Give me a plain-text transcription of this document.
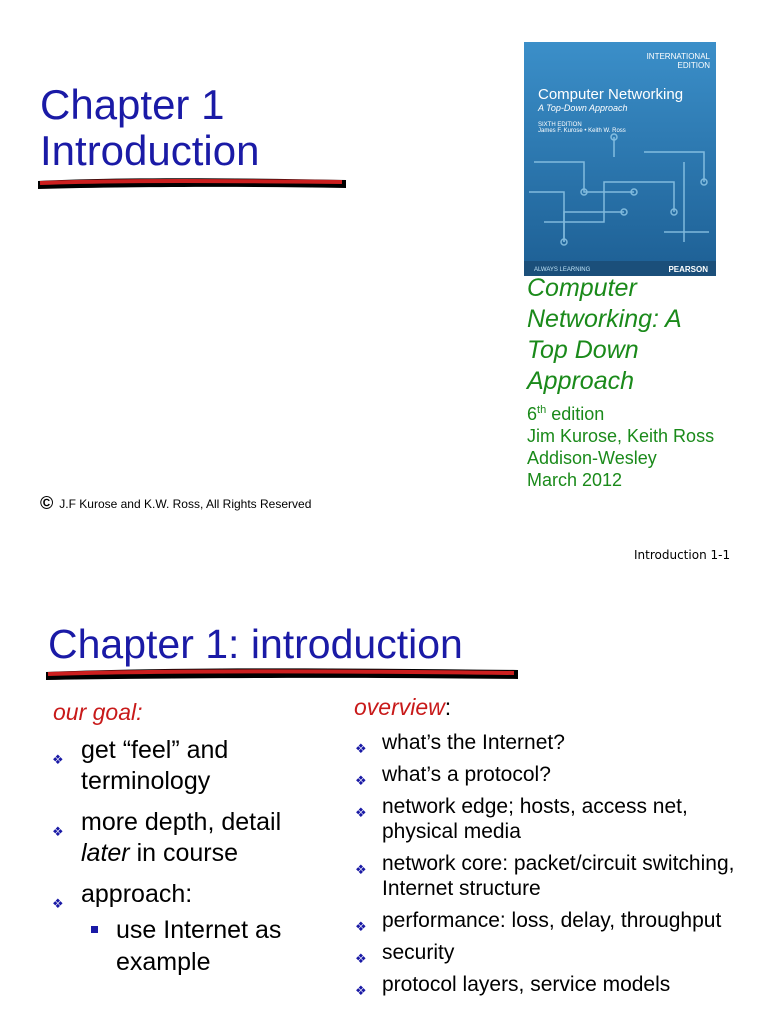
Chapter 1
Introduction
INTERNATIONAL
EDITION
Computer Networking
A Top-Down Approach
SIXTH EDITION
James F. Kurose • Keith W. Ross
ALWAYS LEARNING	PEARSON
Computer
Networking: A
Top Down
Approach
6th edition
Jim Kurose, Keith Ross
Addison-Wesley
March 2012
© J.F Kurose and K.W. Ross, All Rights Reserved
Introduction 1-1
Chapter 1: introduction
our goal:
❖ get “feel” and terminology
❖ more depth, detail
later in course
❖ approach:
use Internet as example
overview:
❖ what’s the Internet?
❖ what’s a protocol?
❖ network edge; hosts, access net, physical media
❖ network core: packet/circuit switching, Internet structure
❖ performance: loss, delay, throughput
❖ security
❖ protocol layers, service models
